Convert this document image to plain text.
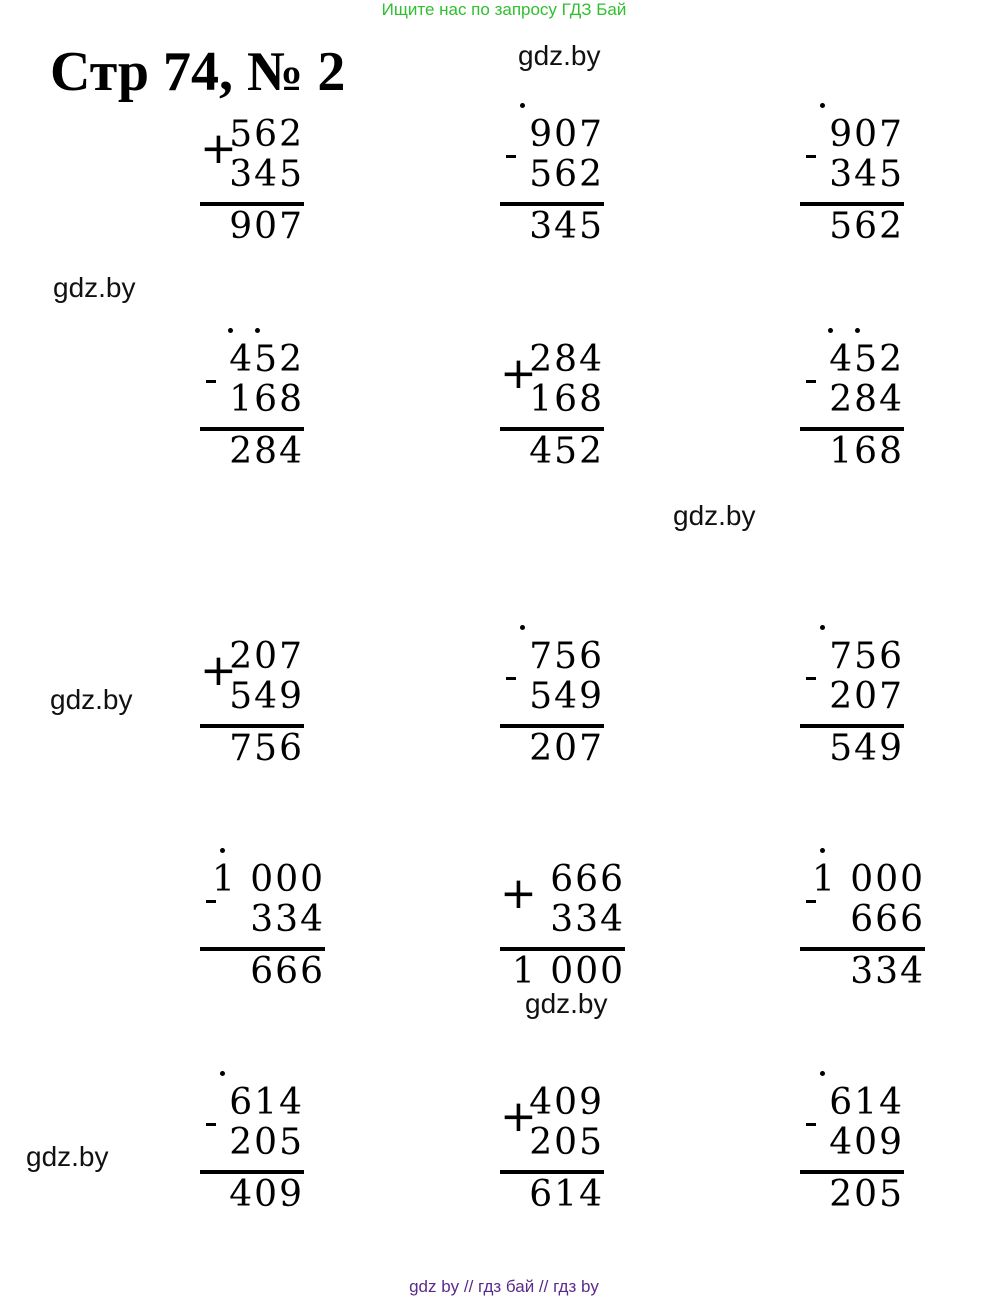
Ищите нас по запросу ГДЗ Бай
Стр 74, № 2	gdz.by
gdz.by
gdz.by
gdz.by
gdz.by
gdz.by
+
562
345
907
907
562
345
907
345
562
452
168
284
+
284
168
452
452
284
168
+
207
549
756
756
549
207
756
207
549
1 000
334
666
+ 666
334
1 000
1 000
666
334
614
205
409
+
409
205
614
614
409
205
gdz by // гдз бай // гдз by
